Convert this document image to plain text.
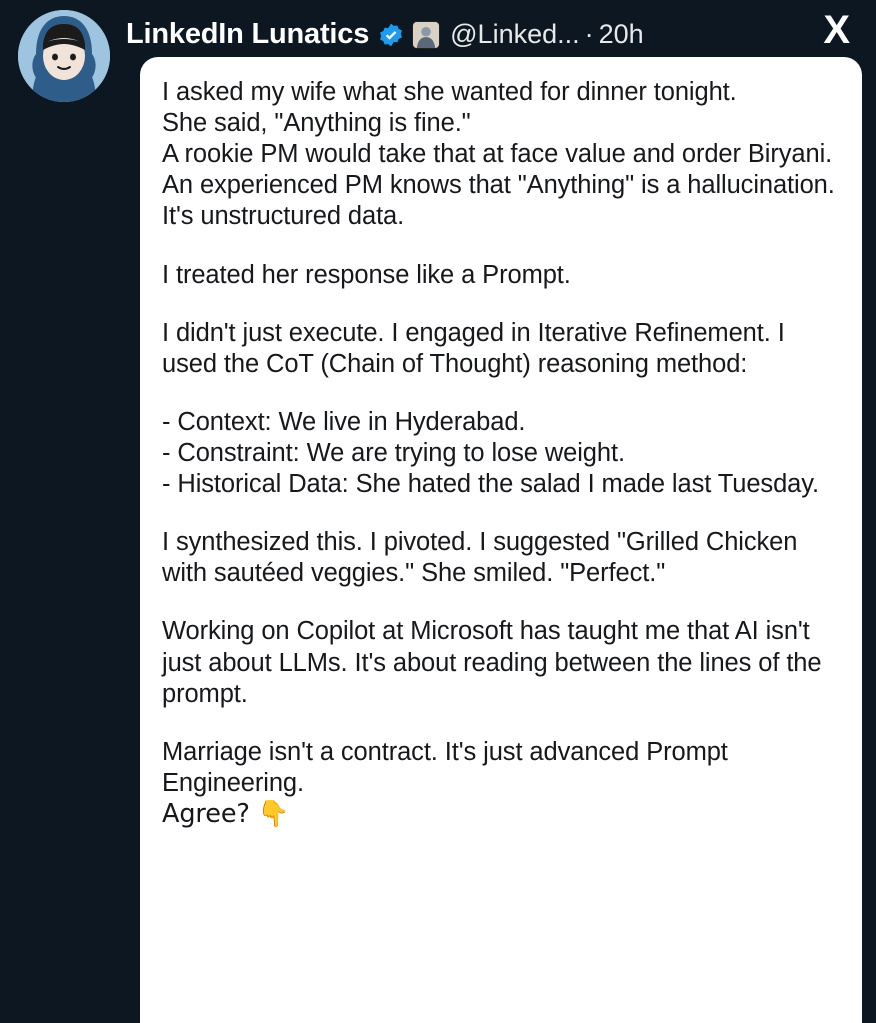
LinkedIn Lunatics	@Linked... · 20h	X

I asked my wife what she wanted for dinner tonight.

She said, "Anything is fine."

A rookie PM would take that at face value and order Biryani. An experienced PM knows that "Anything" is a hallucination. It's unstructured data.

I treated her response like a Prompt.

I didn't just execute. I engaged in Iterative Refinement. I used the CoT (Chain of Thought) reasoning method:

- Context: We live in Hyderabad.

- Constraint: We are trying to lose weight.

- Historical Data: She hated the salad I made last Tuesday.

I synthesized this. I pivoted. I suggested "Grilled Chicken with sautéed veggies." She smiled. "Perfect."

Working on Copilot at Microsoft has taught me that AI isn't just about LLMs. It's about reading between the lines of the prompt.

Marriage isn't a contract. It's just advanced Prompt Engineering.

Agree? 👇
